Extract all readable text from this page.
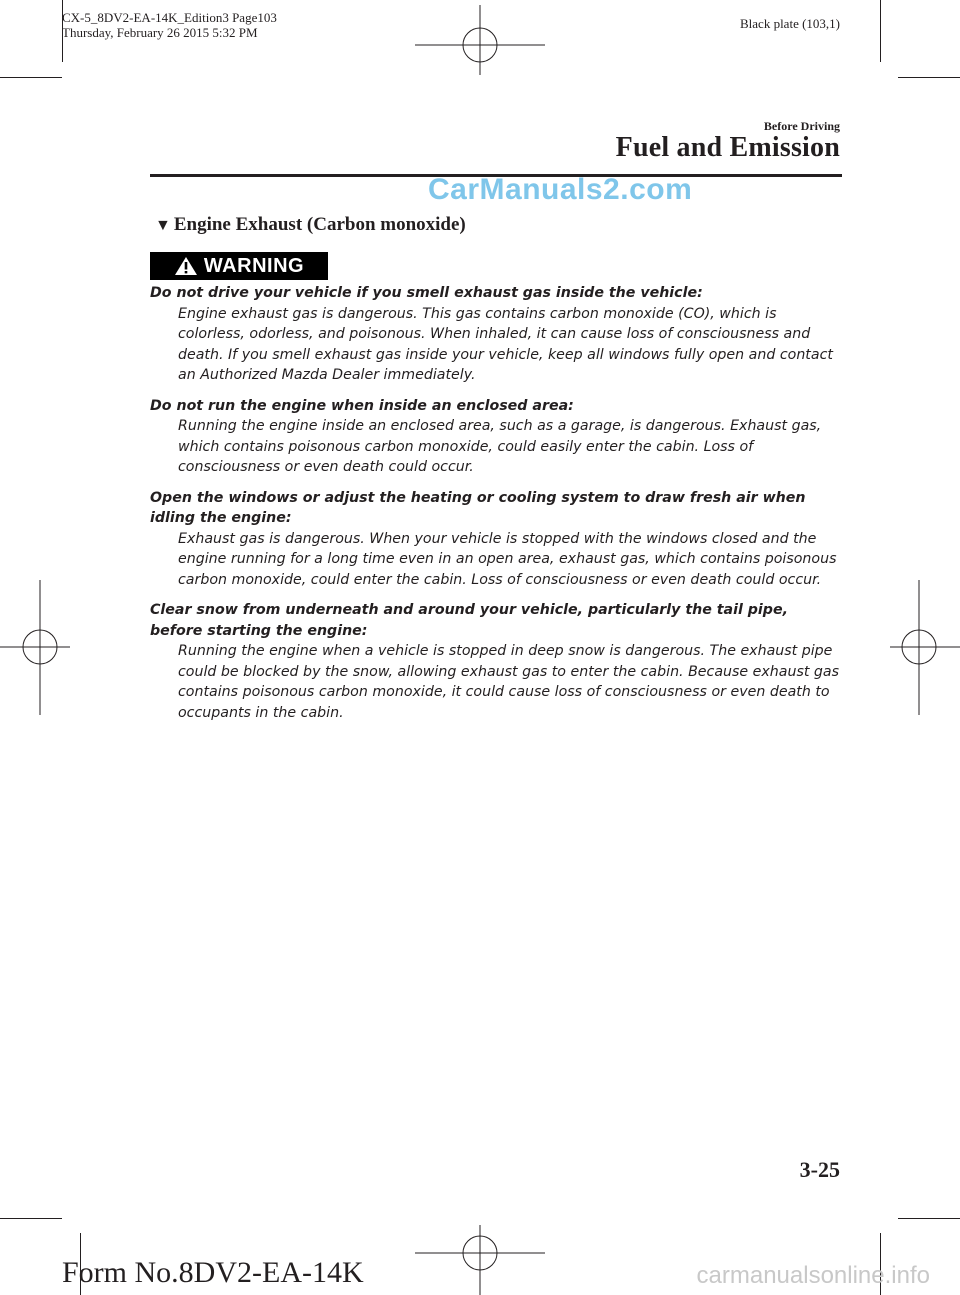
CX-5_8DV2-EA-14K_Edition3 Page103
Thursday, February 26 2015 5:32 PM
Black plate (103,1)
Before Driving
Fuel and Emission
CarManuals2.com
▼ Engine Exhaust (Carbon monoxide)
WARNING
Do not drive your vehicle if you smell exhaust gas inside the vehicle:
Engine exhaust gas is dangerous. This gas contains carbon monoxide (CO), which is colorless, odorless, and poisonous. When inhaled, it can cause loss of consciousness and death. If you smell exhaust gas inside your vehicle, keep all windows fully open and contact an Authorized Mazda Dealer immediately.
Do not run the engine when inside an enclosed area:
Running the engine inside an enclosed area, such as a garage, is dangerous. Exhaust gas, which contains poisonous carbon monoxide, could easily enter the cabin. Loss of consciousness or even death could occur.
Open the windows or adjust the heating or cooling system to draw fresh air when idling the engine:
Exhaust gas is dangerous. When your vehicle is stopped with the windows closed and the engine running for a long time even in an open area, exhaust gas, which contains poisonous carbon monoxide, could enter the cabin. Loss of consciousness or even death could occur.
Clear snow from underneath and around your vehicle, particularly the tail pipe, before starting the engine:
Running the engine when a vehicle is stopped in deep snow is dangerous. The exhaust pipe could be blocked by the snow, allowing exhaust gas to enter the cabin. Because exhaust gas contains poisonous carbon monoxide, it could cause loss of consciousness or even death to occupants in the cabin.
3-25
Form No.8DV2-EA-14K	carmanualsonline.info
